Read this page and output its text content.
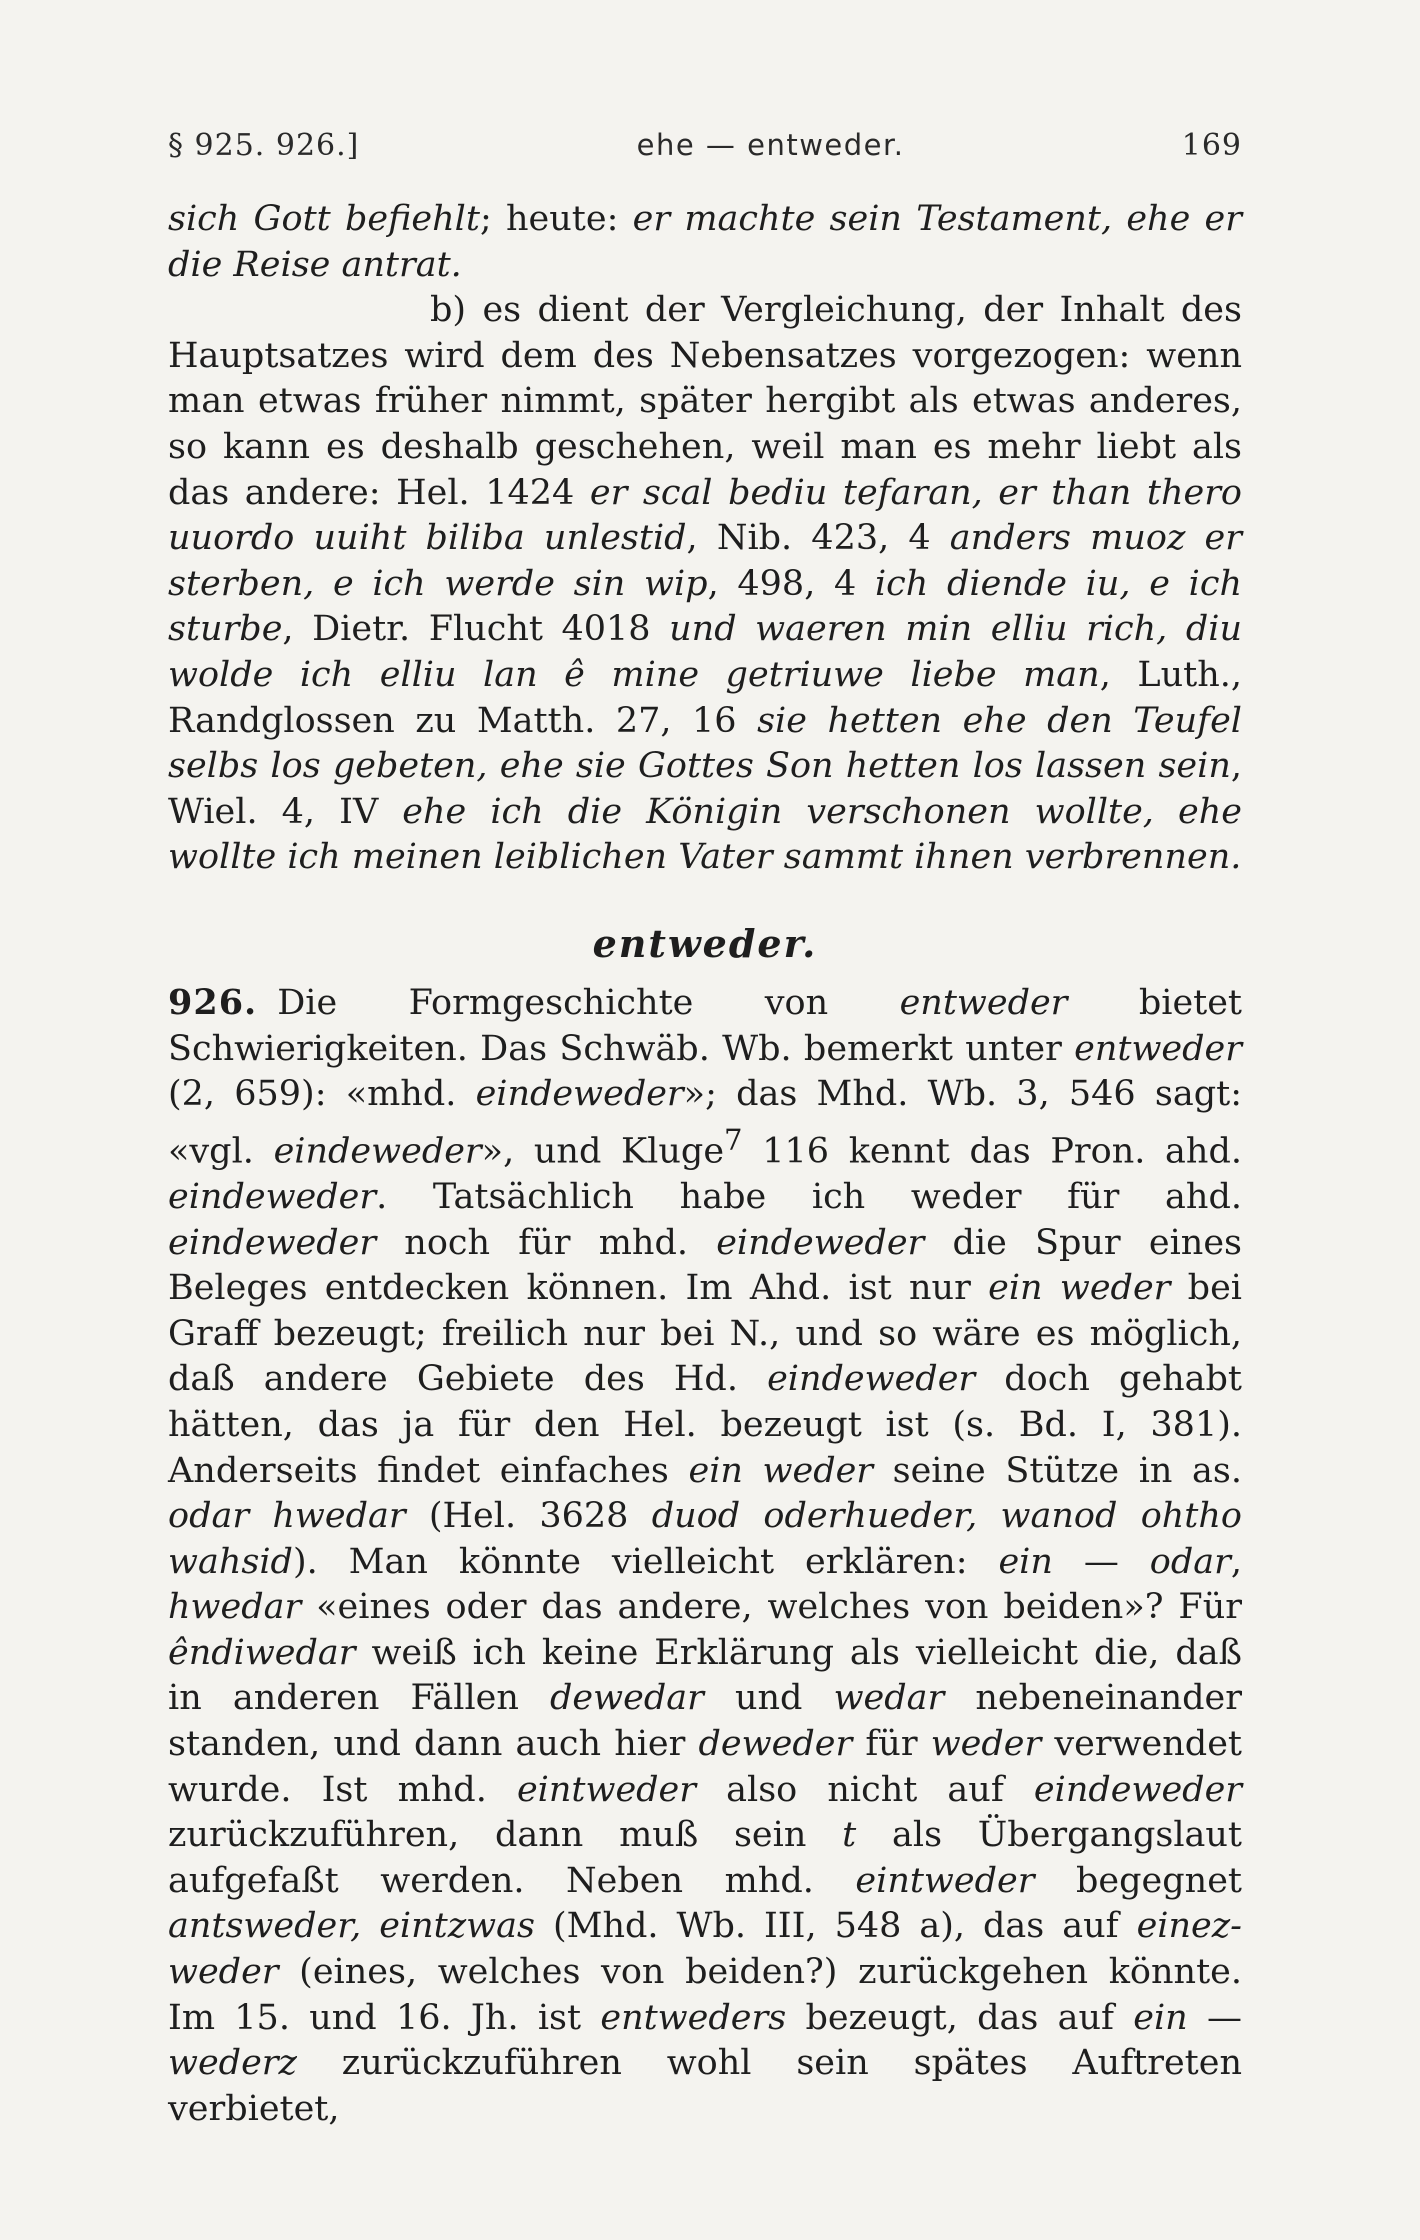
§ 925. 926.]	ehe — entweder.	169

sich Gott befiehlt; heute: er machte sein Testament, ehe er die Reise antrat.

b) es dient der Vergleichung, der Inhalt des Hauptsatzes wird dem des Nebensatzes vorgezogen: wenn man etwas früher nimmt, später hergibt als etwas anderes, so kann es deshalb geschehen, weil man es mehr liebt als das andere: Hel. 1424 er scal bediu tefaran, er than thero uuordo uuiht biliba unlestid, Nib. 423, 4 anders muoz er sterben, e ich werde sin wip, 498, 4 ich diende iu, e ich sturbe, Dietr. Flucht 4018 und waeren min elliu rich, diu wolde ich elliu lan ê mine getriuwe liebe man, Luth., Randglossen zu Matth. 27, 16 sie hetten ehe den Teufel selbs los gebeten, ehe sie Gottes Son hetten los lassen sein, Wiel. 4, IV ehe ich die Königin verschonen wollte, ehe wollte ich meinen leiblichen Vater sammt ihnen verbrennen.

entweder.

926. Die Formgeschichte von entweder bietet Schwierigkeiten. Das Schwäb. Wb. bemerkt unter entweder (2, 659): «mhd. eindeweder»; das Mhd. Wb. 3, 546 sagt: «vgl. eindeweder», und Kluge$^7$ 116 kennt das Pron. ahd. eindeweder. Tatsächlich habe ich weder für ahd. eindeweder noch für mhd. eindeweder die Spur eines Beleges entdecken können. Im Ahd. ist nur ein weder bei Graff bezeugt; freilich nur bei N., und so wäre es möglich, daß andere Gebiete des Hd. eindeweder doch gehabt hätten, das ja für den Hel. bezeugt ist (s. Bd. I, 381). Anderseits findet einfaches ein weder seine Stütze in as. odar hwedar (Hel. 3628 duod oderhueder, wanod ohtho wahsid). Man könnte vielleicht erklären: ein — odar, hwedar «eines oder das andere, welches von beiden»? Für êndiwedar weiß ich keine Erklärung als vielleicht die, daß in anderen Fällen dewedar und wedar nebeneinander standen, und dann auch hier deweder für weder verwendet wurde. Ist mhd. eintweder also nicht auf eindeweder zurückzuführen, dann muß sein t als Übergangslaut aufgefaßt werden. Neben mhd. eintweder begegnet antsweder, eintzwas (Mhd. Wb. III, 548 a), das auf einez-weder (eines, welches von beiden?) zurückgehen könnte. Im 15. und 16. Jh. ist entweders bezeugt, das auf ein — wederz zurückzuführen wohl sein spätes Auftreten verbietet,
